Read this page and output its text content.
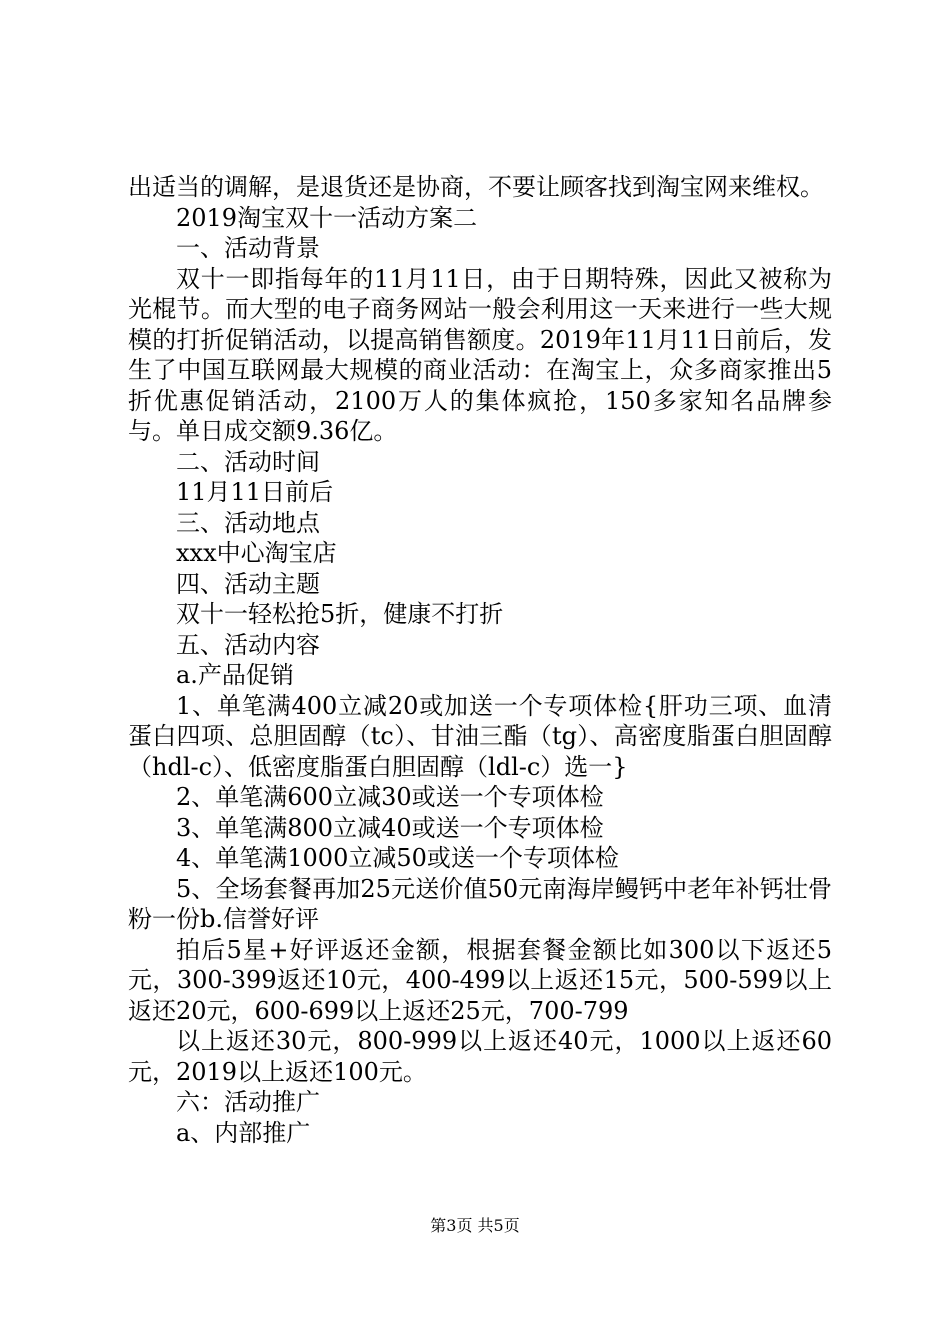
出适当的调解，是退货还是协商，不要让顾客找到淘宝网来维权。

2019淘宝双十一活动方案二

一、活动背景

双十一即指每年的11月11日，由于日期特殊，因此又被称为光棍节。而大型的电子商务网站一般会利用这一天来进行一些大规模的打折促销活动，以提高销售额度。2019年11月11日前后，发生了中国互联网最大规模的商业活动：在淘宝上，众多商家推出5折优惠促销活动，2100万人的集体疯抢，150多家知名品牌参与。单日成交额9.36亿。

二、活动时间

11月11日前后

三、活动地点

xxx中心淘宝店

四、活动主题

双十一轻松抢5折，健康不打折

五、活动内容

a.产品促销

1、单笔满400立减20或加送一个专项体检{肝功三项、血清蛋白四项、总胆固醇（tc）、甘油三酯（tg）、高密度脂蛋白胆固醇（hdl-c）、低密度脂蛋白胆固醇（ldl-c）选一}

2、单笔满600立减30或送一个专项体检

3、单笔满800立减40或送一个专项体检

4、单笔满1000立减50或送一个专项体检

5、全场套餐再加25元送价值50元南海岸鳗钙中老年补钙壮骨粉一份b.信誉好评

拍后5星+好评返还金额，根据套餐金额比如300以下返还5元，300-399返还10元，400-499以上返还15元，500-599以上返还20元，600-699以上返还25元，700-799

以上返还30元，800-999以上返还40元，1000以上返还60元，2019以上返还100元。

六：活动推广

a、内部推广

第3页 共5页
